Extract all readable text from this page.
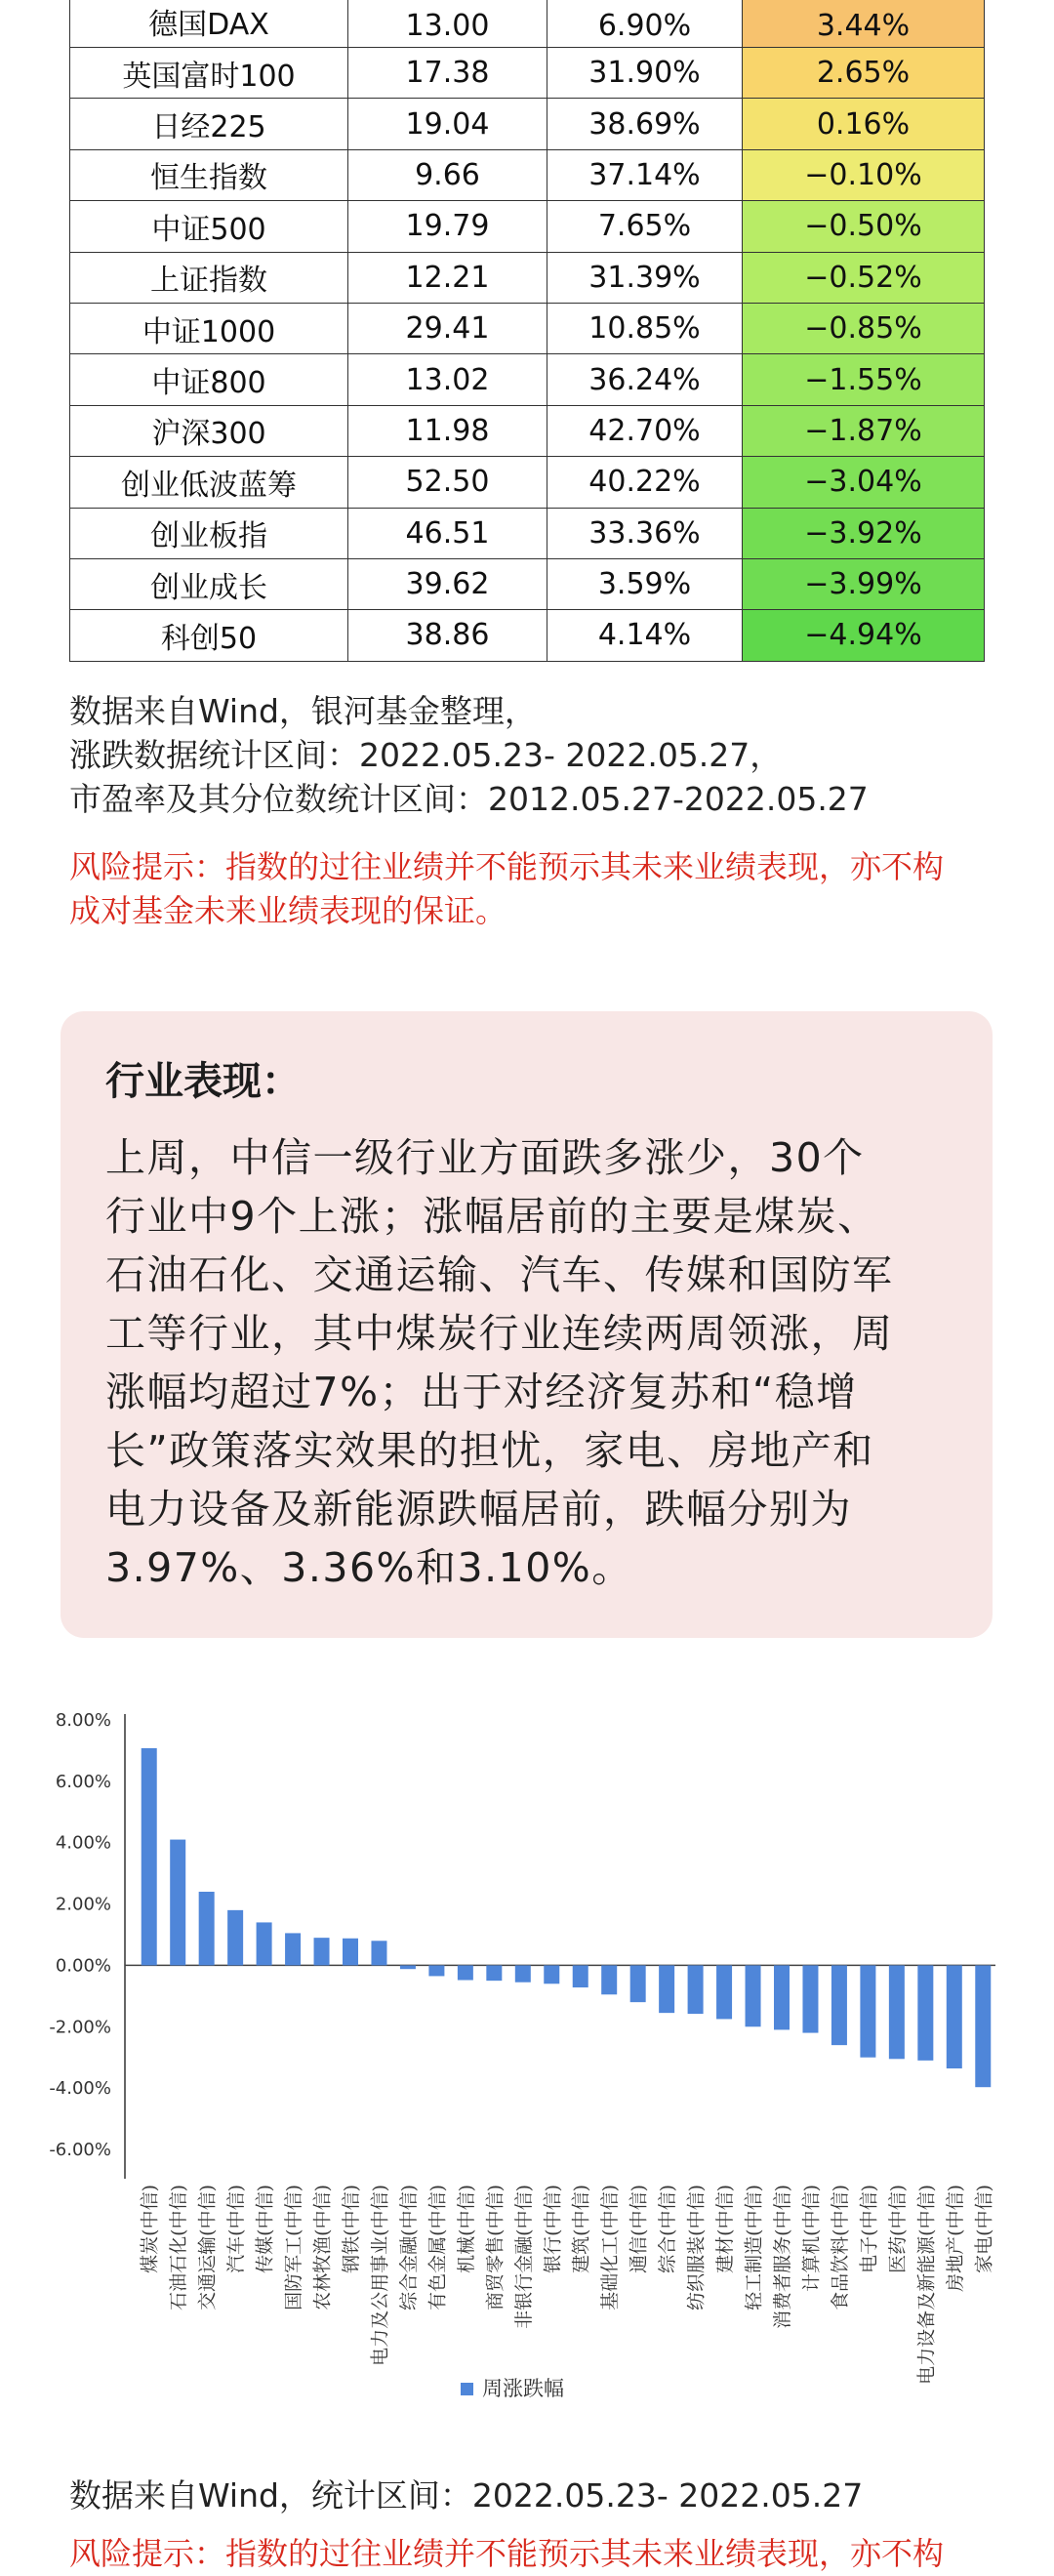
德国DAX	13.00	6.90%	3.44%
英国富时100	17.38	31.90%	2.65%
日经225	19.04	38.69%	0.16%
恒生指数	9.66	37.14%	−0.10%
中证500	19.79	7.65%	−0.50%
上证指数	12.21	31.39%	−0.52%
中证1000	29.41	10.85%	−0.85%
中证800	13.02	36.24%	−1.55%
沪深300	11.98	42.70%	−1.87%
创业低波蓝筹	52.50	40.22%	−3.04%
创业板指	46.51	33.36%	−3.92%
创业成长	39.62	3.59%	−3.99%
科创50	38.86	4.14%	−4.94%
数据来自Wind，银河基金整理，
涨跌数据统计区间：2022.05.23- 2022.05.27，
市盈率及其分位数统计区间：2012.05.27-2022.05.27
风险提示：指数的过往业绩并不能预示其未来业绩表现，亦不构
成对基金未来业绩表现的保证。
行业表现：
上周，中信一级行业方面跌多涨少，30个
行业中9个上涨；涨幅居前的主要是煤炭、
石油石化、交通运输、汽车、传媒和国防军
工等行业，其中煤炭行业连续两周领涨，周
涨幅均超过7%；出于对经济复苏和“稳增
长”政策落实效果的担忧，家电、房地产和
电力设备及新能源跌幅居前，跌幅分别为
3.97%、3.36%和3.10%。
8.00%
6.00%
4.00%
2.00%
0.00%
-2.00%
-4.00%
-6.00%
煤炭(中信) 石油石化(中信) 交通运输(中信) 汽车(中信) 传媒(中信) 国防军工(中信) 农林牧渔(中信) 钢铁(中信) 电力及公用事业(中信) 综合金融(中信) 有色金属(中信) 机械(中信) 商贸零售(中信) 非银行金融(中信) 银行(中信) 建筑(中信) 基础化工(中信) 通信(中信) 综合(中信) 纺织服装(中信) 建材(中信) 轻工制造(中信) 消费者服务(中信) 计算机(中信) 食品饮料(中信) 电子(中信) 医药(中信) 电力设备及新能源(中信) 房地产(中信) 家电(中信)
周涨跌幅
数据来自Wind，统计区间：2022.05.23- 2022.05.27
风险提示：指数的过往业绩并不能预示其未来业绩表现，亦不构
